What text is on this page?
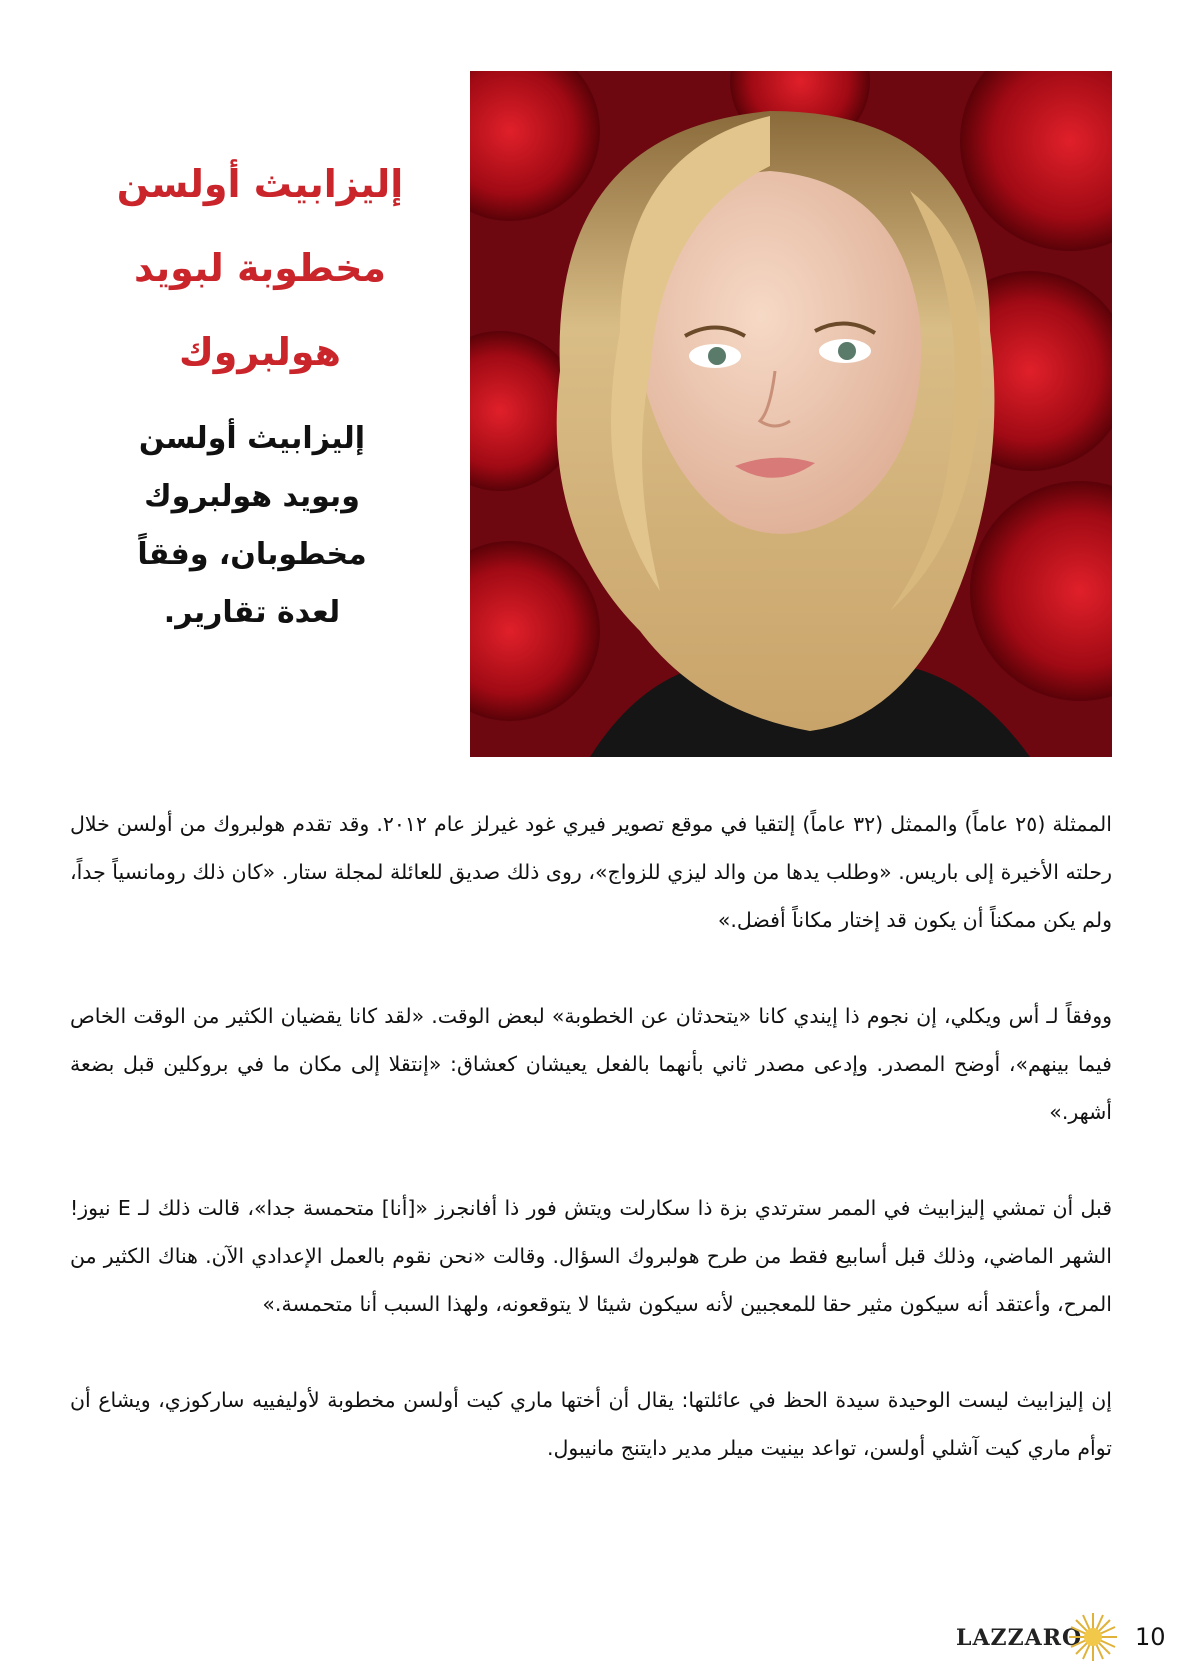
إليزابيث أولسن
مخطوبة لبويد
هولبروك
إليزابيث أولسن
وبويد هولبروك
مخطوبان، وفقاً
لعدة تقارير.

الممثلة (٢٥ عاماً) والممثل (٣٢ عاماً) إلتقيا في موقع تصوير فيري غود غيرلز عام ٢٠١٢. وقد تقدم هولبروك من أولسن خلال رحلته الأخيرة إلى باريس. «وطلب يدها من والد ليزي للزواج»، روى ذلك صديق للعائلة لمجلة ستار. «كان ذلك رومانسياً جداً، ولم يكن ممكناً أن يكون قد إختار مكاناً أفضل.»

ووفقاً لـ أس ويكلي، إن نجوم ذا إيندي كانا «يتحدثان عن الخطوبة» لبعض الوقت. «لقد كانا يقضيان الكثير من الوقت الخاص فيما بينهم»، أوضح المصدر. وإدعى مصدر ثاني بأنهما بالفعل يعيشان كعشاق: «إنتقلا إلى مكان ما في بروكلين قبل بضعة أشهر.»

قبل أن تمشي إليزابيث في الممر سترتدي بزة ذا سكارلت ويتش فور ذا أفانجرز «[أنا] متحمسة جدا»، قالت ذلك لـ E نيوز! الشهر الماضي، وذلك قبل أسابيع فقط من طرح هولبروك السؤال. وقالت «نحن نقوم بالعمل الإعدادي الآن. هناك الكثير من المرح، وأعتقد أنه سيكون مثير حقا للمعجبين لأنه سيكون شيئا لا يتوقعونه، ولهذا السبب أنا متحمسة.»

إن إليزابيث ليست الوحيدة سيدة الحظ في عائلتها: يقال أن أختها ماري كيت أولسن مخطوبة لأوليفييه ساركوزي، ويشاع أن توأم ماري كيت آشلي أولسن، تواعد بينيت ميلر مدير دايتنج مانيبول.

LAZZARO 10
